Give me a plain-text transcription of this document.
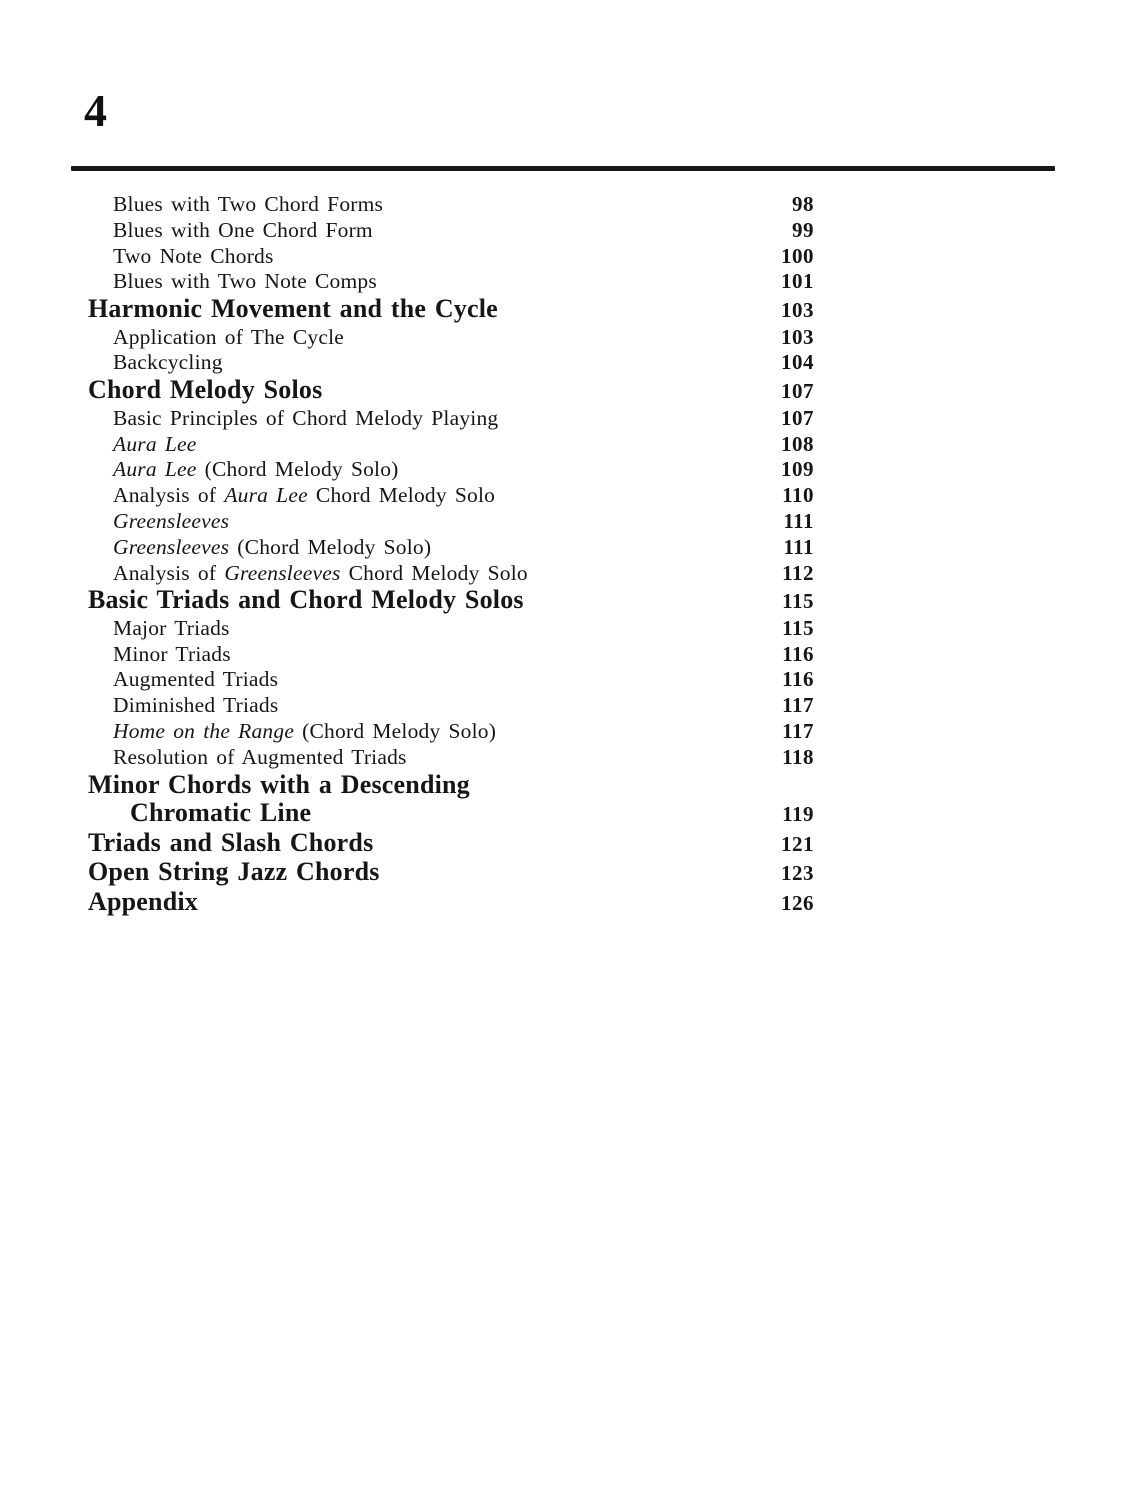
4
Blues with Two Chord Forms	98
Blues with One Chord Form	99
Two Note Chords	100
Blues with Two Note Comps	101
Harmonic Movement and the Cycle	103
Application of The Cycle	103
Backcycling	104
Chord Melody Solos	107
Basic Principles of Chord Melody Playing	107
Aura Lee	108
Aura Lee (Chord Melody Solo)	109
Analysis of Aura Lee Chord Melody Solo	110
Greensleeves	111
Greensleeves (Chord Melody Solo)	111
Analysis of Greensleeves Chord Melody Solo	112
Basic Triads and Chord Melody Solos	115
Major Triads	115
Minor Triads	116
Augmented Triads	116
Diminished Triads	117
Home on the Range (Chord Melody Solo)	117
Resolution of Augmented Triads	118
Minor Chords with a Descending
Chromatic Line	119
Triads and Slash Chords	121
Open String Jazz Chords	123
Appendix	126
